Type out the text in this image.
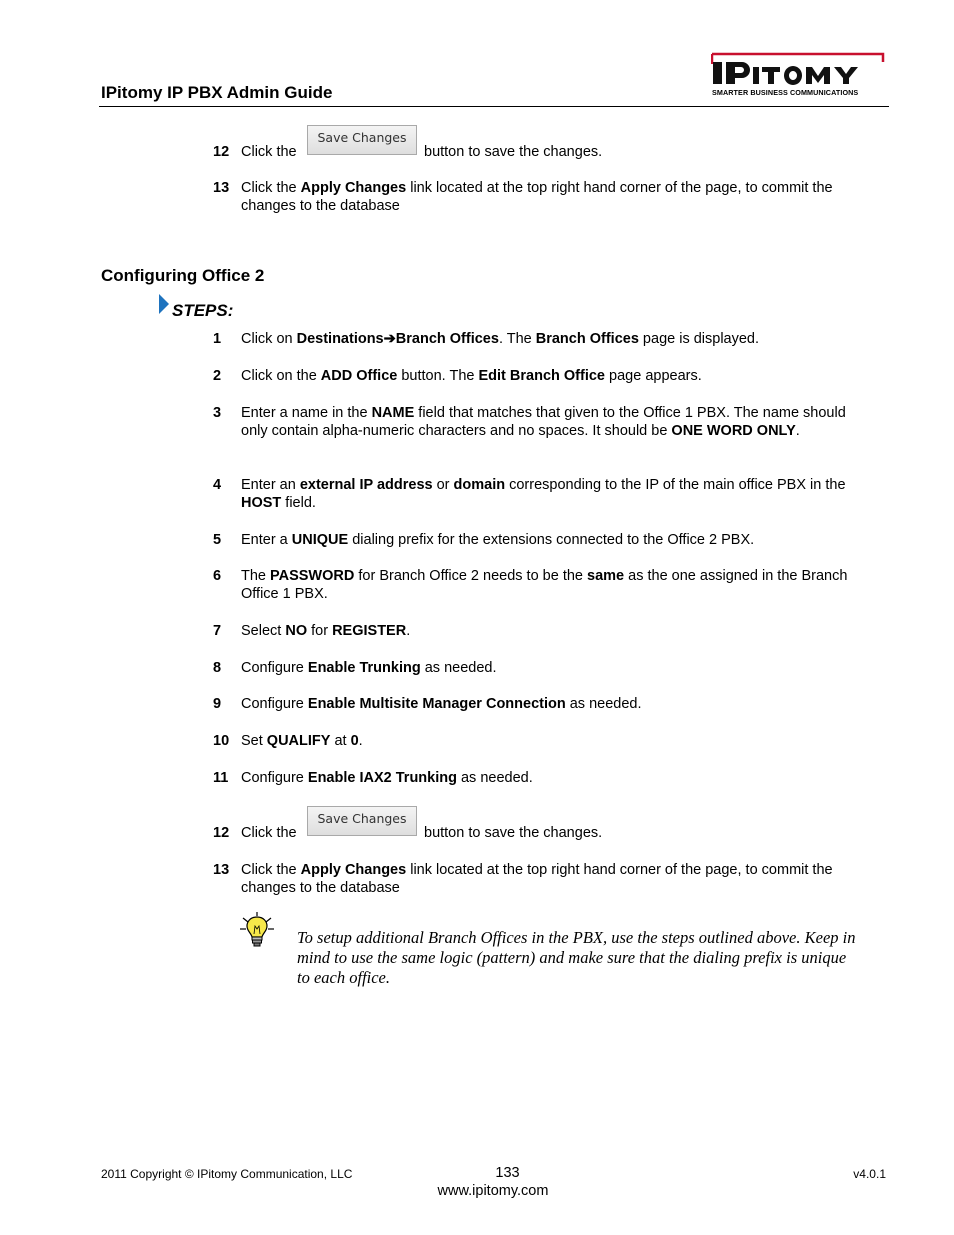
IPitomy IP PBX Admin Guide	SMARTER BUSINESS COMMUNICATIONS
12 Click the
Save Changes
button to save the changes.
13 Click the Apply Changes link located at the top right hand corner of the page, to commit the changes to the database
Configuring Office 2
STEPS:
1 Click on Destinations➔Branch Offices. The Branch Offices page is displayed.
2 Click on the ADD Office button. The Edit Branch Office page appears.
3 Enter a name in the NAME field that matches that given to the Office 1 PBX. The name should only contain alpha-numeric characters and no spaces. It should be ONE WORD ONLY.
4 Enter an external IP address or domain corresponding to the IP of the main office PBX in the HOST field.
5 Enter a UNIQUE dialing prefix for the extensions connected to the Office 2 PBX.
6 The PASSWORD for Branch Office 2 needs to be the same as the one assigned in the Branch Office 1 PBX.
7 Select NO for REGISTER.
8 Configure Enable Trunking as needed.
9 Configure Enable Multisite Manager Connection as needed.
10 Set QUALIFY at 0.
11 Configure Enable IAX2 Trunking as needed.
12 Click the
Save Changes
button to save the changes.
13 Click the Apply Changes link located at the top right hand corner of the page, to commit the changes to the database
To setup additional Branch Offices in the PBX, use the steps outlined above. Keep in mind to use the same logic (pattern) and make sure that the dialing prefix is unique to each office.
2011 Copyright © IPitomy Communication, LLC	133
www.ipitomy.com
v4.0.1
